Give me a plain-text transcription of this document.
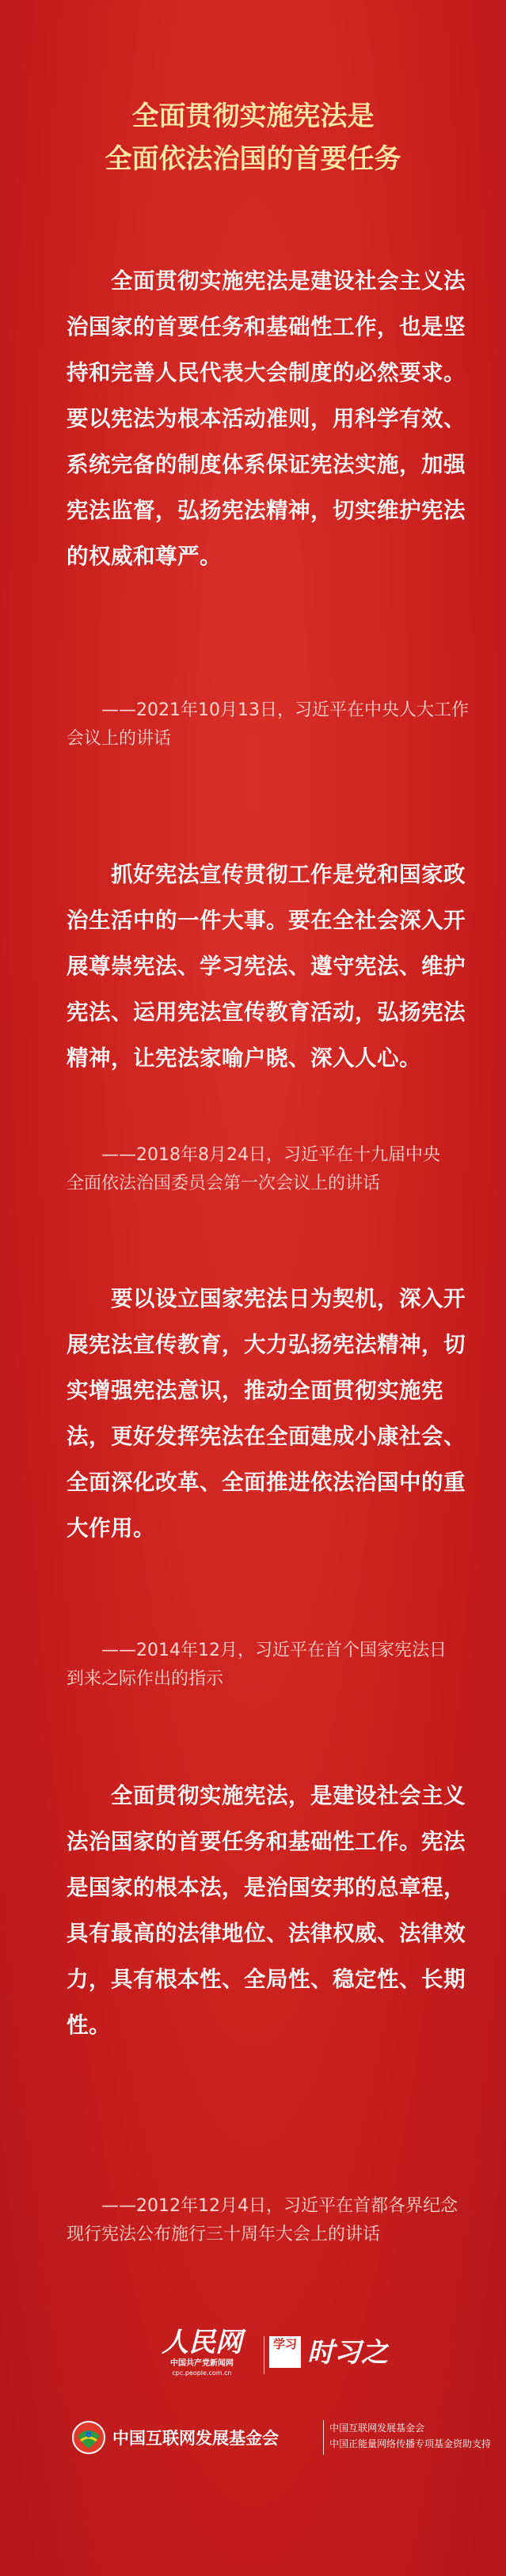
全面贯彻实施宪法是
全面依法治国的首要任务
全面贯彻实施宪法是建设社会主义法治国家的首要任务和基础性工作，也是坚持和完善人民代表大会制度的必然要求。要以宪法为根本活动准则，用科学有效、系统完备的制度体系保证宪法实施，加强宪法监督，弘扬宪法精神，切实维护宪法的权威和尊严。
——2021年10月13日，习近平在中央人大工作
会议上的讲话
抓好宪法宣传贯彻工作是党和国家政治生活中的一件大事。要在全社会深入开展尊崇宪法、学习宪法、遵守宪法、维护宪法、运用宪法宣传教育活动，弘扬宪法精神，让宪法家喻户晓、深入人心。
——2018年8月24日，习近平在十九届中央
全面依法治国委员会第一次会议上的讲话
要以设立国家宪法日为契机，深入开展宪法宣传教育，大力弘扬宪法精神，切实增强宪法意识，推动全面贯彻实施宪法，更好发挥宪法在全面建成小康社会、全面深化改革、全面推进依法治国中的重大作用。
——2014年12月，习近平在首个国家宪法日
到来之际作出的指示
全面贯彻实施宪法，是建设社会主义法治国家的首要任务和基础性工作。宪法是国家的根本法，是治国安邦的总章程，具有最高的法律地位、法律权威、法律效力，具有根本性、全局性、稳定性、长期性。
——2012年12月4日，习近平在首都各界纪念
现行宪法公布施行三十周年大会上的讲话
人民网
中国共产党新闻网
cpc.people.com.cn
学习 时习之
中国互联网发展基金会
中国互联网发展基金会
中国正能量网络传播专项基金资助支持
